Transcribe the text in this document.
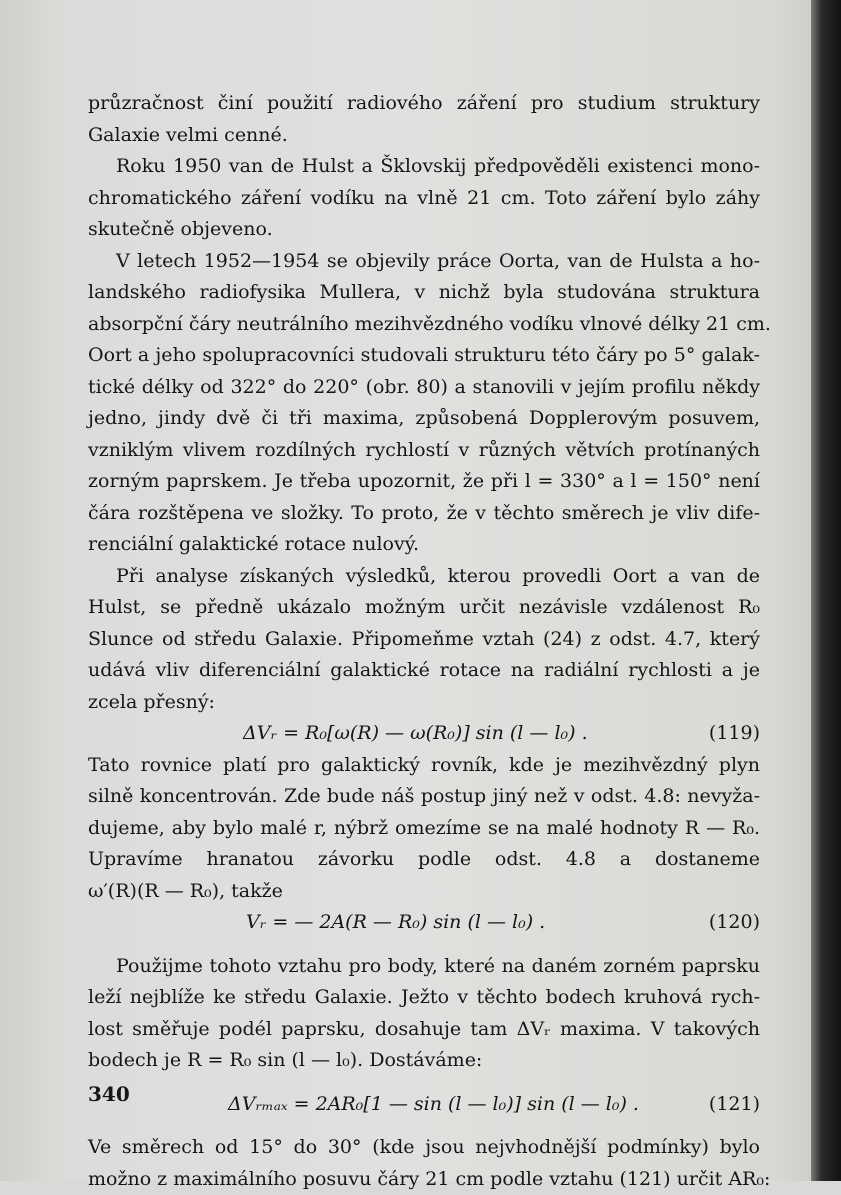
průzračnost činí použití radiového záření pro studium struktury
Galaxie velmi cenné.
Roku 1950 van de Hulst a Šklovskij předpověděli existenci mono-
chromatického záření vodíku na vlně 21 cm. Toto záření bylo záhy
skutečně objeveno.
V letech 1952—1954 se objevily práce Oorta, van de Hulsta a ho-
landského radiofysika Mullera, v nichž byla studována struktura
absorpční čáry neutrálního mezihvězdného vodíku vlnové délky 21 cm.
Oort a jeho spolupracovníci studovali strukturu této čáry po 5° galak-
tické délky od 322° do 220° (obr. 80) a stanovili v jejím profilu někdy
jedno, jindy dvě či tři maxima, způsobená Dopplerovým posuvem,
vzniklým vlivem rozdílných rychlostí v různých větvích protínaných
zorným paprskem. Je třeba upozornit, že při l = 330° a l = 150° není
čára rozštěpena ve složky. To proto, že v těchto směrech je vliv dife-
renciální galaktické rotace nulový.
Při analyse získaných výsledků, kterou provedli Oort a van de
Hulst, se předně ukázalo možným určit nezávisle vzdálenost R₀
Slunce od středu Galaxie. Připomeňme vztah (24) z odst. 4.7, který
udává vliv diferenciální galaktické rotace na radiální rychlosti a je
zcela přesný:
ΔVᵣ = R₀[ω(R) — ω(R₀)] sin (l — l₀) .	(119)
Tato rovnice platí pro galaktický rovník, kde je mezihvězdný plyn
silně koncentrován. Zde bude náš postup jiný než v odst. 4.8: nevyža-
dujeme, aby bylo malé r, nýbrž omezíme se na malé hodnoty R — R₀.
Upravíme hranatou závorku podle odst. 4.8 a dostaneme
ω′(R)(R — R₀), takže
Vᵣ = — 2A(R — R₀) sin (l — l₀) .	(120)
Použijme tohoto vztahu pro body, které na daném zorném paprsku
leží nejblíže ke středu Galaxie. Ježto v těchto bodech kruhová rych-
lost směřuje podél paprsku, dosahuje tam ΔVᵣ maxima. V takových
bodech je R = R₀ sin (l — l₀). Dostáváme:
ΔVᵣₘₐₓ = 2AR₀[1 — sin (l — l₀)] sin (l — l₀) .	(121)
Ve směrech od 15° do 30° (kde jsou nejvhodnější podmínky) bylo
možno z maximálního posuvu čáry 21 cm podle vztahu (121) určit AR₀:
340
